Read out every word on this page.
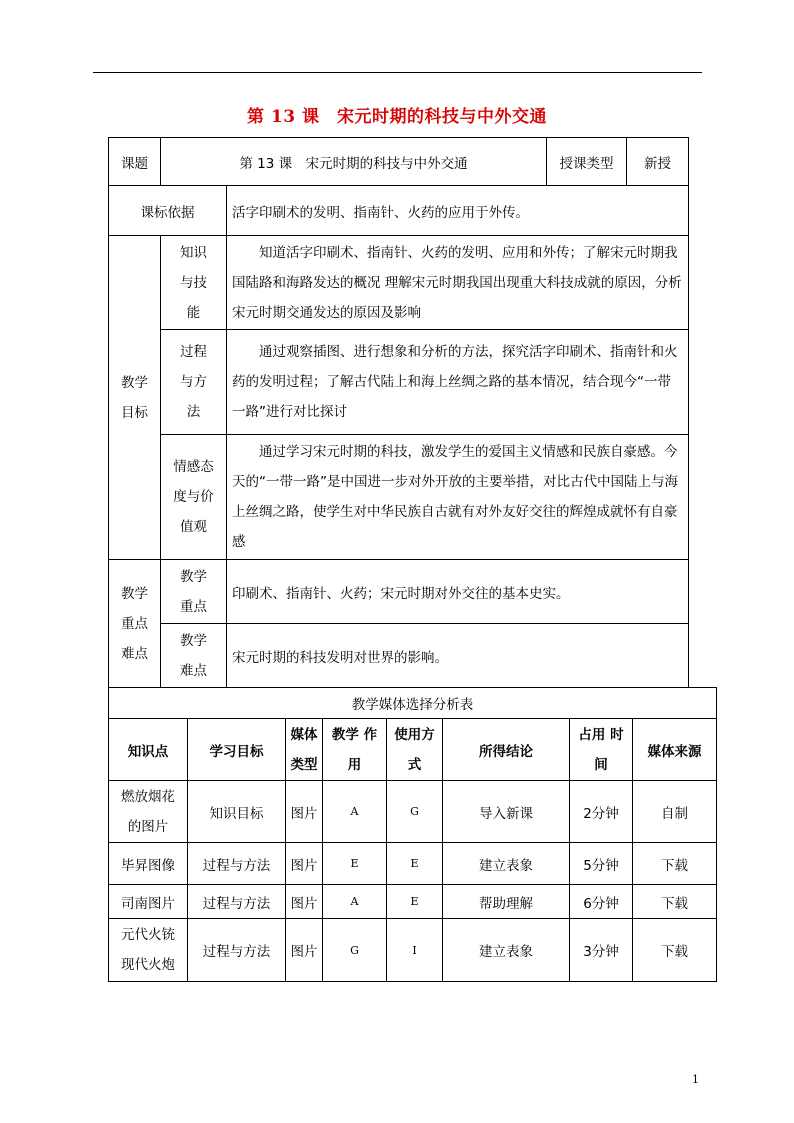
第 13 课　宋元时期的科技与中外交通
课题	第 13 课　宋元时期的科技与中外交通		授课类型	新授
课标依据		活字印刷术的发明、指南针、火药的应用于外传。		
教学目标	知识与技能	知道活字印刷术、指南针、火药的发明、应用和外传；了解宋元时期我国陆路和海路发达的概况 理解宋元时期我国出现重大科技成就的原因，分析宋元时期交通发达的原因及影响		
	过程与方法	通过观察插图、进行想象和分析的方法，探究活字印刷术、指南针和火药的发明过程；了解古代陆上和海上丝绸之路的基本情况，结合现今“一带一路”进行对比探讨		
	情感态度与价值观	通过学习宋元时期的科技，激发学生的爱国主义情感和民族自豪感。今天的“一带一路”是中国进一步对外开放的主要举措，对比古代中国陆上与海上丝绸之路，使学生对中华民族自古就有对外友好交往的辉煌成就怀有自豪感		
教学重点难点	教学重点	印刷术、指南针、火药；宋元时期对外交往的基本史实。		
	教学难点	宋元时期的科技发明对世界的影响。		
教学媒体选择分析表							
知识点	学习目标	媒体类型	教学 作用	使用方式	所得结论	占用 时间	媒体来源
燃放烟花的图片	知识目标	图片	A	G	导入新课	2分钟	自制
毕昇图像	过程与方法	图片	E	E	建立表象	5分钟	下载
司南图片	过程与方法	图片	A	E	帮助理解	6分钟	下载
元代火铳现代火炮	过程与方法	图片	G	I	建立表象	3分钟	下载
1
